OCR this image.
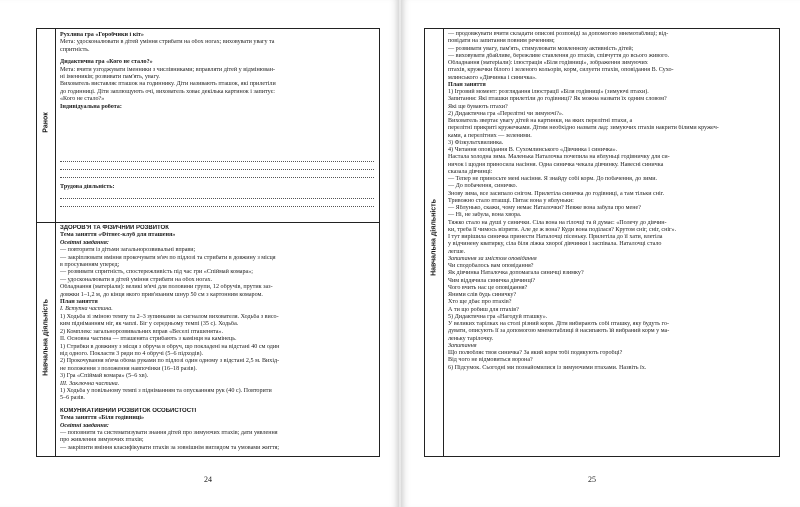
Ранок
Навчальна діяльність
Рухлива гра «Горобчики і кіт»
Мета: удосконалювати в дітей уміння стрибати на обох ногах; виховувати увагу та
спритність.
Дидактична гра «Кого не стало?»
Мета: вчити узгоджувати іменники з числівниками; вправляти дітей у відмінюван-
ні іменників; розвивати пам'ять, увагу.
Вихователь виставляє пташок на годиннику. Діти називають пташок, які прилетіли
до годинниці. Діти заплющують очі, вихователь ховає декілька картинок і запитує:
«Кого не стало?»
Індивідуальна робота:
Трудова діяльність:
ЗДОРОВ'Я ТА ФІЗИЧНИЙ РОЗВИТОК
Тема заняття «Фітнес-клуб для пташеня»
Освітні завдання:
— повторити із дітьми загальнорозвивальні вправи;
— закріплювати вміння прокочувати м'яч по підлозі та стрибати в довжину з місця
в просуванням уперед;
— розвивати спритність, спостережливість під час гри «Спіймай комара»;
— удосконалювати в дітей уміння стрибати на обох ногах.
Обладнання (матеріали): великі м'ячі для половини групи, 12 обручів, прутик заз-
довжки 1–1,2 м, до кінця якого прив'язаним шнур 50 см з картонним комаром.
План заняття
І. Вступна частина.
1) Ходьба зі зміною темпу та 2–3 зупинками за сигналом вихователя. Ходьба з висо-
ким підніманням ніг, як чаплі. Біг у середньому темпі (35 с). Ходьба.
2) Комплекс загальнорозвивальних вправ «Веселі пташенята».
ІІ. Основна частина — пташенята стрибають з камінця на камінець.
1) Стрибки в довжину з місця з обруча в обруч, що покладені на відстані 40 см один
від одного. Покласти 3 ряди по 4 обручі (5–6 підходів).
2) Прокочування м'яча обома руками по підлозі один одному з відстані 2,5 м. Вихід-
не положення з положення навпочінки (16–18 разів).
3) Гра «Спіймай комара» (5–6 хв).
ІІІ. Заключна частина.
1) Ходьба у повільному темпі з підніманням та опусканням рук (40 с). Повторити
5–6 разів.
КОМУНІКАТИВНИЙ РОЗВИТОК ОСОБИСТОСТІ
Тема заняття «Біля годівниці»
Освітні завдання:
— поповнити та систематизувати знання дітей про зимуючих птахів; дати уявлення
про живлення зимуючих птахів;
— закріпити вміння класифікувати птахів за зовнішнім виглядом та умовами життя;
24
Навчальна діяльність
— продовжувати вчити складати описові розповіді за допомогою мнемотаблиці; від-
повідати на запитання повним реченням;
— розвивати увагу, пам'ять, стимулювати мовленнєву активність дітей;
— виховувати дбайливе, бережливе ставлення до птахів, співчуття до всього живого.
Обладнання (матеріали): ілюстрація «Біля годівниці», зображення зимуючих
птахів, кружечки білого і зеленого кольорів, корм, силуети птахів, оповідання В. Сухо-
млинського «Дівчинка і синичка».
План заняття
1) Ігровий момент: розглядання ілюстрації «Біля годівниці» (зимуючі птахи).
Запитання: Які пташки прилетіли до годівниці? Як можна назвати їх одним словом?
Які ще бувають птахи?
2) Дидактична гра «Перелітні чи зимуючі?».
Вихователь звертає увагу дітей на картинки, на яких перелітні птахи, а
перелітні прикриті кружечками. Дітям необхідно назвати лад: зимуючих птахів накрити білими кружеч-
ками, а перелітних — зеленими.
3) Фізкультхвилинка.
4) Читання оповідання В. Сухомлинського «Дівчинка і синичка».
Настала холодна зима. Маленька Наталочка почепила на яблуньці годівничку для си-
ничок і щодня приносила насіння. Одна синичка чекала дівчинку. Навесні синичка
сказала дівчинці:
— Тепер не приносьте мені насіння. Я знайду собі корм. До побачення, до зими.
— До побачення, синичко.
Знову зима, все засипало снігом. Прилетіла синичка до годівниці, а там тільки сніг.
Тривожно стало пташці. Питає вона у яблуньки:
— Яблунько, скажи, чому немає Наталочки? Невже вона забула про мене?
— Ні, не забула, вона хвора.
Тяжко стало на душі у синички. Сіла вона на гілочці та й думає: «Полечу до дівчин-
ки, треба її чимось візрити. Але де ж вона? Куди вона поділася? Крутом сніг, сніг, сніг».
І тут вирішила синичка принести Наталочці пісеньку. Прилетіла до її хати, влетіла
у відчинену кватирку, сіла біля ліжка хворої дівчинки і заспівала. Наталочці стало
легше.
Запитання за змістом оповідання
Чи сподобалось вам оповідання?
Як дівчинка Наталочка допомагала синичці взимку?
Чим віддячила синичка дівчинці?
Чого вчить нас це оповідання?
Яними слів будь синичку?
Хто ще дбає про птахів?
А ти що робиш для птахів?
5) Дидактична гра «Нагодуй пташку».
У великих тарілках на столі різний корм. Діти вибирають собі пташку, яку будуть го-
дувати, описують її за допомогою мнемотаблиці й насипають їй вибраний корм у ма-
леньку тарілочку.
Запитання
Що полюбляє твоя синичка? За який корм тобі подякують горобці?
Від чого не відмовиться ворона?
6) Підсумок. Сьогодні ми познайомилися із зимуючими птахами. Назвіть їх.
25
